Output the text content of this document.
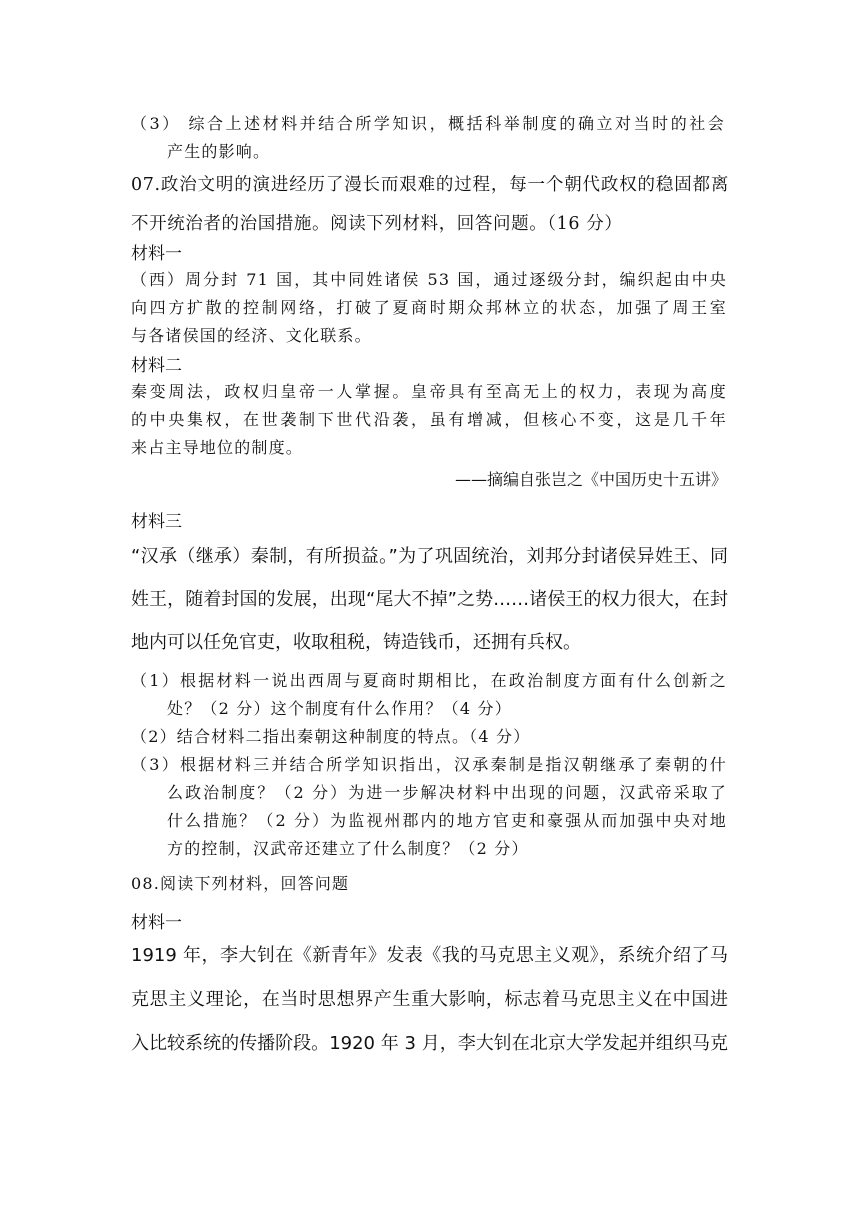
（3） 综合上述材料并结合所学知识，概括科举制度的确立对当时的社会
产生的影响。
07.政治文明的演进经历了漫长而艰难的过程，每一个朝代政权的稳固都离
不开统治者的治国措施。阅读下列材料，回答问题。（16 分）
材料一
（西）周分封 71 国，其中同姓诸侯 53 国，通过逐级分封，编织起由中央
向四方扩散的控制网络，打破了夏商时期众邦林立的状态，加强了周王室
与各诸侯国的经济、文化联系。
材料二
秦变周法，政权归皇帝一人掌握。皇帝具有至高无上的权力，表现为高度
的中央集权，在世袭制下世代沿袭，虽有增减，但核心不变，这是几千年
来占主导地位的制度。
——摘编自张岂之《中国历史十五讲》
材料三
“汉承（继承）秦制，有所损益。”为了巩固统治，刘邦分封诸侯异姓王、同
姓王，随着封国的发展，出现“尾大不掉”之势……诸侯王的权力很大，在封
地内可以任免官吏，收取租税，铸造钱币，还拥有兵权。
（1）根据材料一说出西周与夏商时期相比，在政治制度方面有什么创新之
处？（2 分）这个制度有什么作用？（4 分）
（2）结合材料二指出秦朝这种制度的特点。（4 分）
（3）根据材料三并结合所学知识指出，汉承秦制是指汉朝继承了秦朝的什
么政治制度？（2 分）为进一步解决材料中出现的问题，汉武帝采取了
什么措施？（2 分）为监视州郡内的地方官吏和豪强从而加强中央对地
方的控制，汉武帝还建立了什么制度？（2 分）
08.阅读下列材料，回答问题
材料一
1919 年，李大钊在《新青年》发表《我的马克思主义观》，系统介绍了马
克思主义理论，在当时思想界产生重大影响，标志着马克思主义在中国进
入比较系统的传播阶段。1920 年 3 月，李大钊在北京大学发起并组织马克
